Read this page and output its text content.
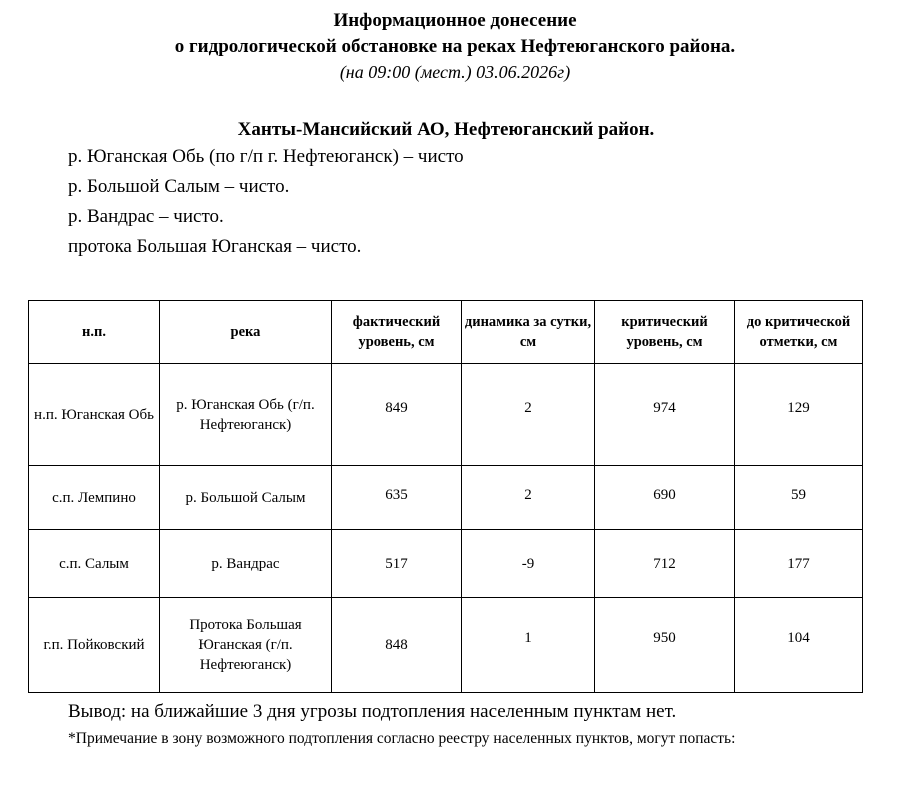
Информационное донесение
о гидрологической обстановке на реках Нефтеюганского района.
(на 09:00 (мест.) 03.06.2026г)
Ханты-Мансийский АО, Нефтеюганский район.
р. Юганская Обь (по г/п г. Нефтеюганск) – чисто
р. Большой Салым – чисто.
р. Вандрас – чисто.
протока Большая Юганская – чисто.
н.п.	река	фактический уровень, см	динамика за сутки, см	критический уровень, см	до критической отметки, см
н.п. Юганская Обь	р. Юганская Обь (г/п. Нефтеюганск)	849	2	974	129
с.п. Лемпино	р. Большой Салым	635	2	690	59
с.п. Салым	р. Вандрас	517	-9	712	177
г.п. Пойковский	Протока Большая Юганская (г/п. Нефтеюганск)	848	1	950	104
Вывод: на ближайшие 3 дня угрозы подтопления населенным пунктам нет.
*Примечание в зону возможного подтопления согласно реестру населенных пунктов, могут попасть:
